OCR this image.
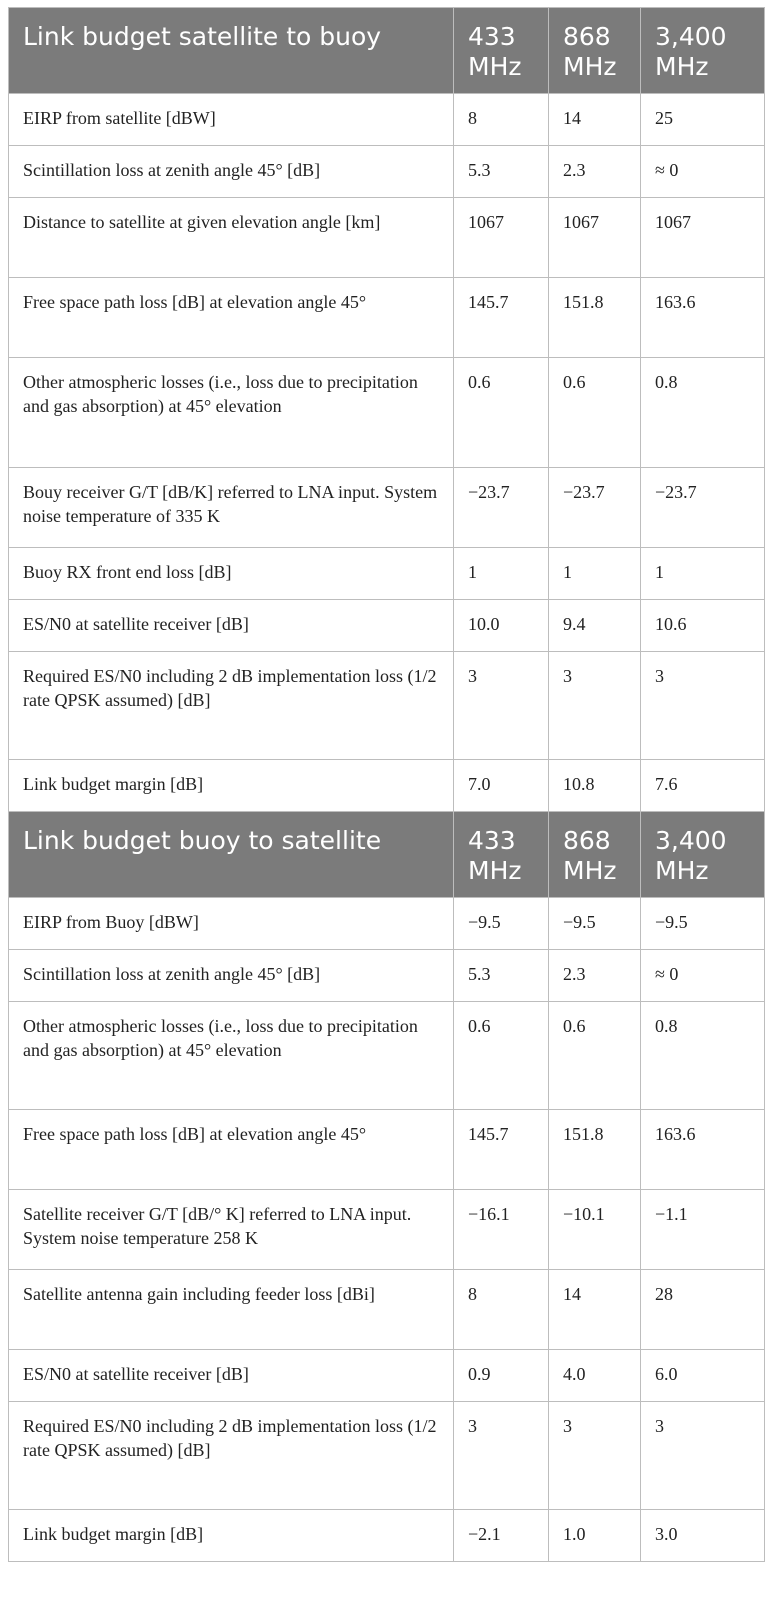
Link budget satellite to buoy	433 MHz	868 MHz	3,400 MHz
EIRP from satellite [dBW]	8	14	25
Scintillation loss at zenith angle 45° [dB]	5.3	2.3	≈ 0
Distance to satellite at given elevation angle [km]	1067	1067	1067
Free space path loss [dB] at elevation angle 45°	145.7	151.8	163.6
Other atmospheric losses (i.e., loss due to precipitation and gas absorption) at 45° elevation	0.6	0.6	0.8
Bouy receiver G/T [dB/K] referred to LNA input. System noise temperature of 335 K	−23.7	−23.7	−23.7
Buoy RX front end loss [dB]	1	1	1
ES/N0 at satellite receiver [dB]	10.0	9.4	10.6
Required ES/N0 including 2 dB implementation loss (1/2 rate QPSK assumed) [dB]	3	3	3
Link budget margin [dB]	7.0	10.8	7.6
Link budget buoy to satellite	433 MHz	868 MHz	3,400 MHz
EIRP from Buoy [dBW]	−9.5	−9.5	−9.5
Scintillation loss at zenith angle 45° [dB]	5.3	2.3	≈ 0
Other atmospheric losses (i.e., loss due to precipitation and gas absorption) at 45° elevation	0.6	0.6	0.8
Free space path loss [dB] at elevation angle 45°	145.7	151.8	163.6
Satellite receiver G/T [dB/° K] referred to LNA input. System noise temperature 258 K	−16.1	−10.1	−1.1
Satellite antenna gain including feeder loss [dBi]	8	14	28
ES/N0 at satellite receiver [dB]	0.9	4.0	6.0
Required ES/N0 including 2 dB implementation loss (1/2 rate QPSK assumed) [dB]	3	3	3
Link budget margin [dB]	−2.1	1.0	3.0
